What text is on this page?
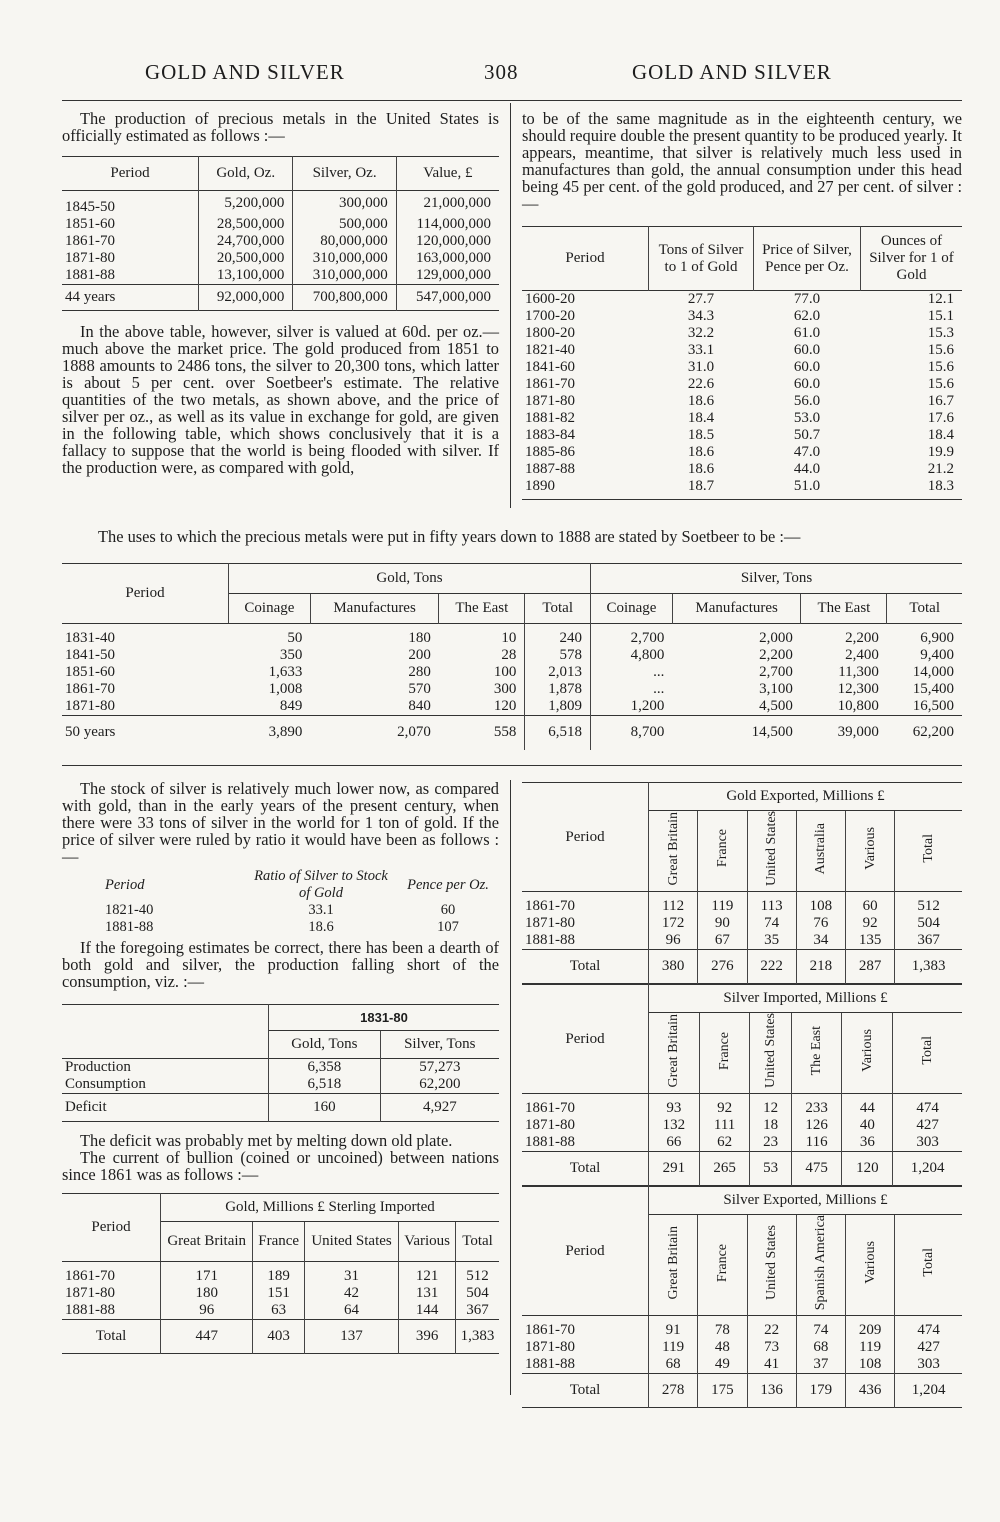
GOLD AND SILVER	308	GOLD AND SILVER

The production of precious metals in the United States is officially estimated as follows :—

Period	Gold, Oz.	Silver, Oz.	Value, £
1845-50	5,200,000	300,000	21,000,000
1851-60	28,500,000	500,000	114,000,000
1861-70	24,700,000	80,000,000	120,000,000
1871-80	20,500,000	310,000,000	163,000,000
1881-88	13,100,000	310,000,000	129,000,000
44 years	92,000,000	700,800,000	547,000,000

In the above table, however, silver is valued at 60d. per oz.—much above the market price. The gold produced from 1851 to 1888 amounts to 2486 tons, the silver to 20,300 tons, which latter is about 5 per cent. over Soetbeer's estimate. The relative quantities of the two metals, as shown above, and the price of silver per oz., as well as its value in exchange for gold, are given in the following table, which shows conclusively that it is a fallacy to suppose that the world is being flooded with silver. If the production were, as compared with gold,

to be of the same magnitude as in the eighteenth century, we should require double the present quantity to be produced yearly. It appears, meantime, that silver is relatively much less used in manufactures than gold, the annual consumption under this head being 45 per cent. of the gold produced, and 27 per cent. of silver :—

Period	Tons of Silver to 1 of Gold	Price of Silver, Pence per Oz.	Ounces of Silver for 1 of Gold
1600-20	27.7	77.0	12.1
1700-20	34.3	62.0	15.1
1800-20	32.2	61.0	15.3
1821-40	33.1	60.0	15.6
1841-60	31.0	60.0	15.6
1861-70	22.6	60.0	15.6
1871-80	18.6	56.0	16.7
1881-82	18.4	53.0	17.6
1883-84	18.5	50.7	18.4
1885-86	18.6	47.0	19.9
1887-88	18.6	44.0	21.2
1890	18.7	51.0	18.3

The uses to which the precious metals were put in fifty years down to 1888 are stated by Soetbeer to be :—

Period	Gold, Tons				Silver, Tons			
	Coinage	Manufactures	The East	Total	Coinage	Manufactures	The East	Total
1831-40	50	180	10	240	2,700	2,000	2,200	6,900
1841-50	350	200	28	578	4,800	2,200	2,400	9,400
1851-60	1,633	280	100	2,013	...	2,700	11,300	14,000
1861-70	1,008	570	300	1,878	...	3,100	12,300	15,400
1871-80	849	840	120	1,809	1,200	4,500	10,800	16,500
50 years	3,890	2,070	558	6,518	8,700	14,500	39,000	62,200

The stock of silver is relatively much lower now, as compared with gold, than in the early years of the present century, when there were 33 tons of silver in the world for 1 ton of gold. If the price of silver were ruled by ratio it would have been as follows :—

Period	Ratio of Silver to Stock of Gold	Pence per Oz.
1821-40	33.1	60
1881-88	18.6	107

If the foregoing estimates be correct, there has been a dearth of both gold and silver, the production falling short of the consumption, viz. :—

	1831-80	
	Gold, Tons	Silver, Tons
Production	6,358	57,273
Consumption	6,518	62,200
Deficit	160	4,927

The deficit was probably met by melting down old plate.

The current of bullion (coined or uncoined) between nations since 1861 was as follows :—

Period	Gold, Millions £ Sterling Imported				
	Great Britain	France	United States	Various	Total
1861-70	171	189	31	121	512
1871-80	180	151	42	131	504
1881-88	96	63	64	144	367
Total	447	403	137	396	1,383
Period	Gold Exported, Millions £					
	Great Britain	France	United States	Australia	Various	Total
1861-70	112	119	113	108	60	512
1871-80	172	90	74	76	92	504
1881-88	96	67	35	34	135	367
Total	380	276	222	218	287	1,383
Period	Silver Imported, Millions £					
	Great Britain	France	United States	The East	Various	Total
1861-70	93	92	12	233	44	474
1871-80	132	111	18	126	40	427
1881-88	66	62	23	116	36	303
Total	291	265	53	475	120	1,204
Period	Silver Exported, Millions £					
	Great Britain	France	United States	Spanish America	Various	Total
1861-70	91	78	22	74	209	474
1871-80	119	48	73	68	119	427
1881-88	68	49	41	37	108	303
Total	278	175	136	179	436	1,204
